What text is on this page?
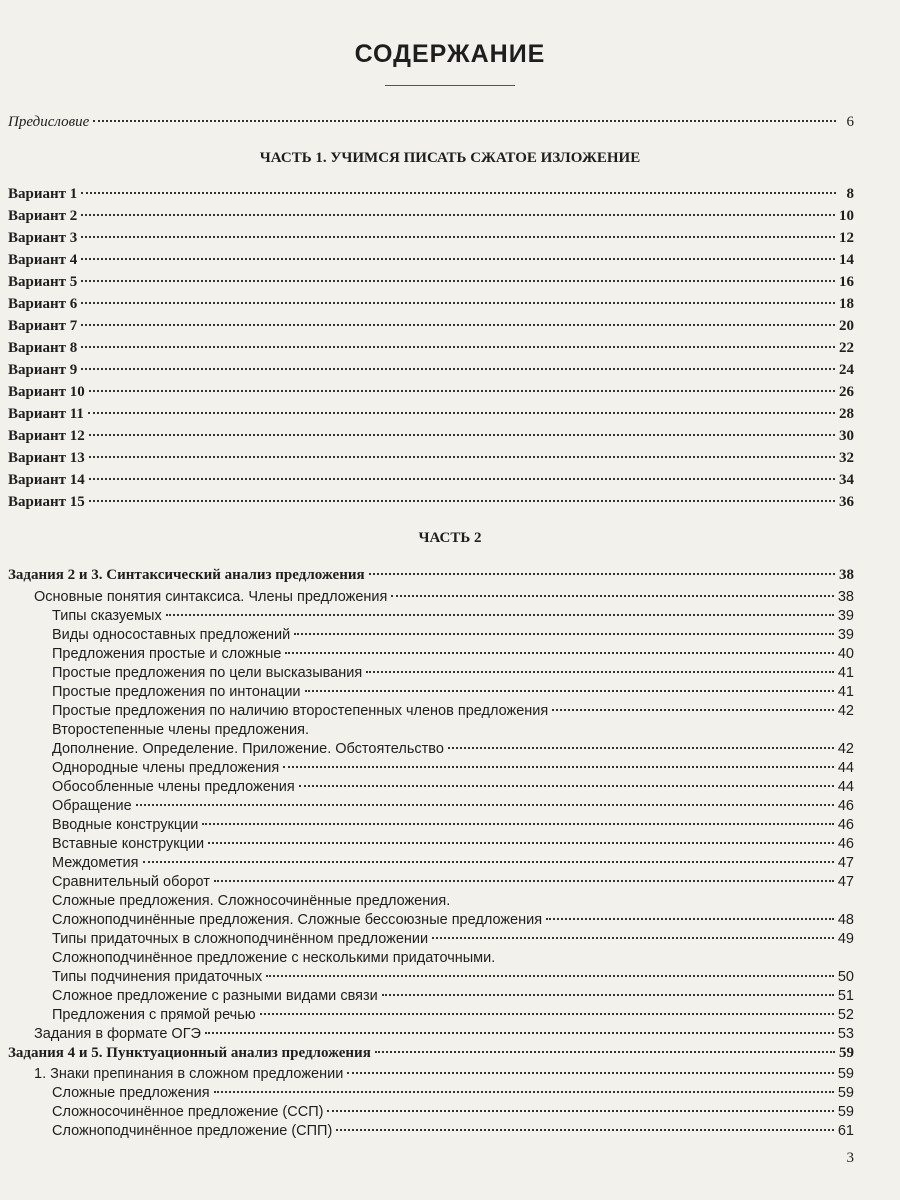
СОДЕРЖАНИЕ
Предисловие	6
ЧАСТЬ 1. УЧИМСЯ ПИСАТЬ СЖАТОЕ ИЗЛОЖЕНИЕ
Вариант 1	8
Вариант 2	10
Вариант 3	12
Вариант 4	14
Вариант 5	16
Вариант 6	18
Вариант 7	20
Вариант 8	22
Вариант 9	24
Вариант 10	26
Вариант 11	28
Вариант 12	30
Вариант 13	32
Вариант 14	34
Вариант 15	36
ЧАСТЬ 2
Задания 2 и 3. Синтаксический анализ предложения	38
Основные понятия синтаксиса. Члены предложения	38
Типы сказуемых	39
Виды односоставных предложений	39
Предложения простые и сложные	40
Простые предложения по цели высказывания	41
Простые предложения по интонации	41
Простые предложения по наличию второстепенных членов предложения	42
Второстепенные члены предложения.
Дополнение. Определение. Приложение. Обстоятельство	42
Однородные члены предложения	44
Обособленные члены предложения	44
Обращение	46
Вводные конструкции	46
Вставные конструкции	46
Междометия	47
Сравнительный оборот	47
Сложные предложения. Сложносочинённые предложения.
Сложноподчинённые предложения. Сложные бессоюзные предложения	48
Типы придаточных в сложноподчинённом предложении	49
Сложноподчинённое предложение с несколькими придаточными.
Типы подчинения придаточных	50
Сложное предложение с разными видами связи	51
Предложения с прямой речью	52
Задания в формате ОГЭ	53
Задания 4 и 5. Пунктуационный анализ предложения	59
1. Знаки препинания в сложном предложении	59
Сложные предложения	59
Сложносочинённое предложение (ССП)	59
Сложноподчинённое предложение (СПП)	61
3
